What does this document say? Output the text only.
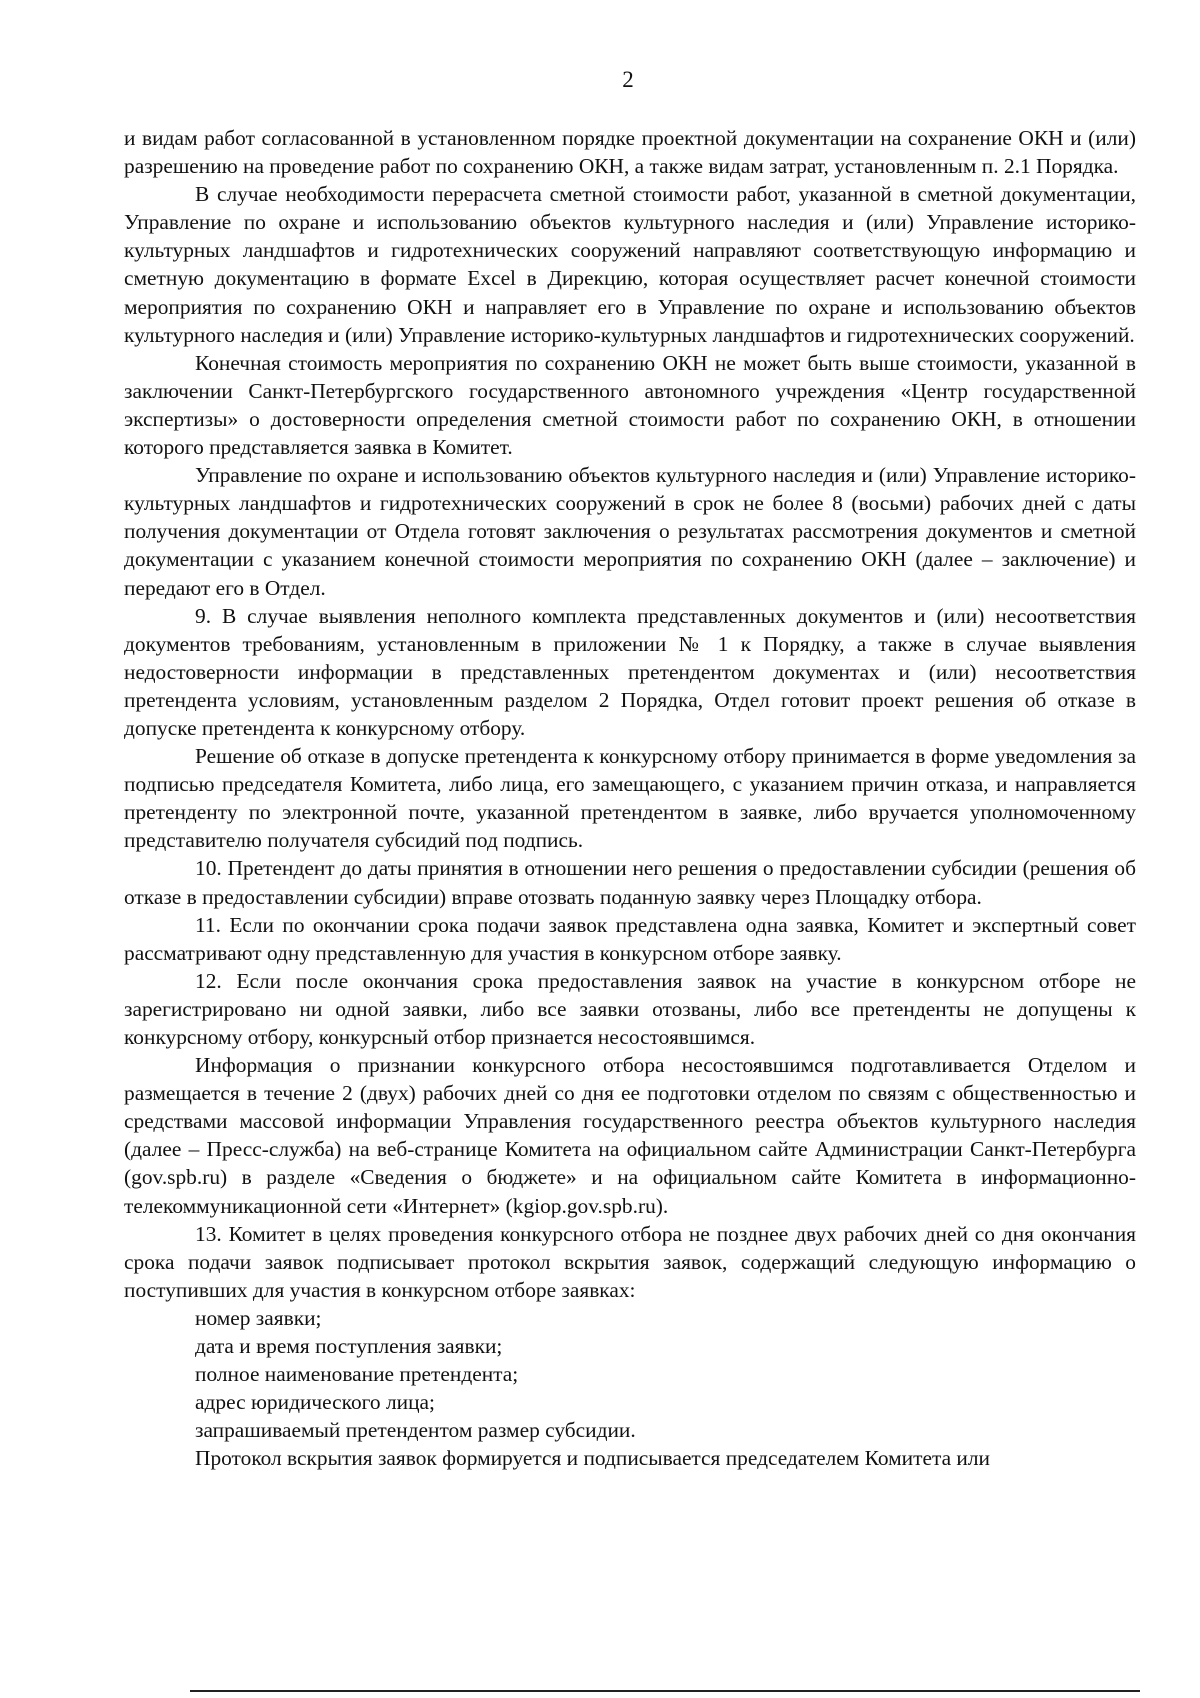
2

и видам работ согласованной в установленном порядке проектной документации на сохранение ОКН и (или) разрешению на проведение работ по сохранению ОКН, а также видам затрат, установленным п. 2.1 Порядка.

В случае необходимости перерасчета сметной стоимости работ, указанной в сметной документации, Управление по охране и использованию объектов культурного наследия и (или) Управление историко-культурных ландшафтов и гидротехнических сооружений направляют соответствующую информацию и сметную документацию в формате Excel в Дирекцию, которая осуществляет расчет конечной стоимости мероприятия по сохранению ОКН и направляет его в Управление по охране и использованию объектов культурного наследия и (или) Управление историко-культурных ландшафтов и гидротехнических сооружений.

Конечная стоимость мероприятия по сохранению ОКН не может быть выше стоимости, указанной в заключении Санкт-Петербургского государственного автономного учреждения «Центр государственной экспертизы» о достоверности определения сметной стоимости работ по сохранению ОКН, в отношении которого представляется заявка в Комитет.

Управление по охране и использованию объектов культурного наследия и (или) Управление историко-культурных ландшафтов и гидротехнических сооружений в срок не более 8 (восьми) рабочих дней с даты получения документации от Отдела готовят заключения о результатах рассмотрения документов и сметной документации с указанием конечной стоимости мероприятия по сохранению ОКН (далее – заключение) и передают его в Отдел.

9. В случае выявления неполного комплекта представленных документов и (или) несоответствия документов требованиям, установленным в приложении № 1 к Порядку, а также в случае выявления недостоверности информации в представленных претендентом документах и (или) несоответствия претендента условиям, установленным разделом 2 Порядка, Отдел готовит проект решения об отказе в допуске претендента к конкурсному отбору.

Решение об отказе в допуске претендента к конкурсному отбору принимается в форме уведомления за подписью председателя Комитета, либо лица, его замещающего, с указанием причин отказа, и направляется претенденту по электронной почте, указанной претендентом в заявке, либо вручается уполномоченному представителю получателя субсидий под подпись.

10. Претендент до даты принятия в отношении него решения о предоставлении субсидии (решения об отказе в предоставлении субсидии) вправе отозвать поданную заявку через Площадку отбора.

11. Если по окончании срока подачи заявок представлена одна заявка, Комитет и экспертный совет рассматривают одну представленную для участия в конкурсном отборе заявку.

12. Если после окончания срока предоставления заявок на участие в конкурсном отборе не зарегистрировано ни одной заявки, либо все заявки отозваны, либо все претенденты не допущены к конкурсному отбору, конкурсный отбор признается несостоявшимся.

Информация о признании конкурсного отбора несостоявшимся подготавливается Отделом и размещается в течение 2 (двух) рабочих дней со дня ее подготовки отделом по связям с общественностью и средствами массовой информации Управления государственного реестра объектов культурного наследия (далее – Пресс-служба) на веб-странице Комитета на официальном сайте Администрации Санкт-Петербурга (gov.spb.ru) в разделе «Сведения о бюджете» и на официальном сайте Комитета в информационно-телекоммуникационной сети «Интернет» (kgiop.gov.spb.ru).

13. Комитет в целях проведения конкурсного отбора не позднее двух рабочих дней со дня окончания срока подачи заявок подписывает протокол вскрытия заявок, содержащий следующую информацию о поступивших для участия в конкурсном отборе заявках:

номер заявки;
дата и время поступления заявки;
полное наименование претендента;
адрес юридического лица;
запрашиваемый претендентом размер субсидии.

Протокол вскрытия заявок формируется и подписывается председателем Комитета или
